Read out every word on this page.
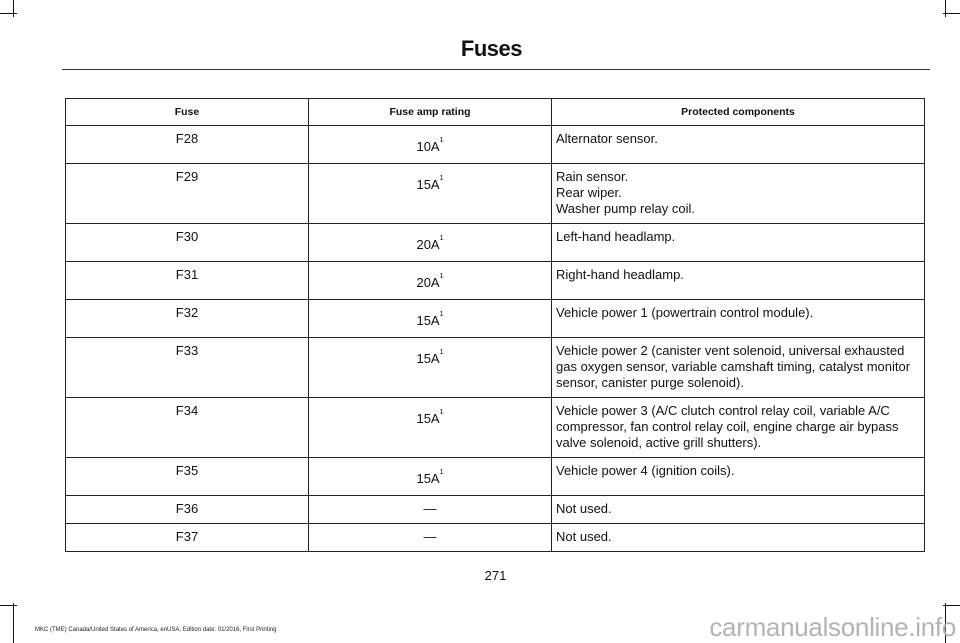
Fuses
Fuse	Fuse amp rating	Protected components
F28	10A$^1$	Alternator sensor.

F29	15A$^1$	Rain sensor.
Rear wiper.
Washer pump relay coil.

F30	20A$^1$	Left-hand headlamp.

F31	20A$^1$	Right-hand headlamp.

F32	15A$^1$	Vehicle power 1 (powertrain control module).

F33	15A$^1$	Vehicle power 2 (canister vent solenoid, universal exhausted gas oxygen sensor, variable camshaft timing, catalyst monitor sensor, canister purge solenoid).

F34	15A$^1$	Vehicle power 3 (A/C clutch control relay coil, variable A/C compressor, fan control relay coil, engine charge air bypass valve solenoid, active grill shutters).

F35	15A$^1$	Vehicle power 4 (ignition coils).

F36	—	Not used.

F37	—	Not used.

271

MKC (TME) Canada/United States of America, enUSA, Edition date: 01/2016, First Printing	carmanualsonline.info
